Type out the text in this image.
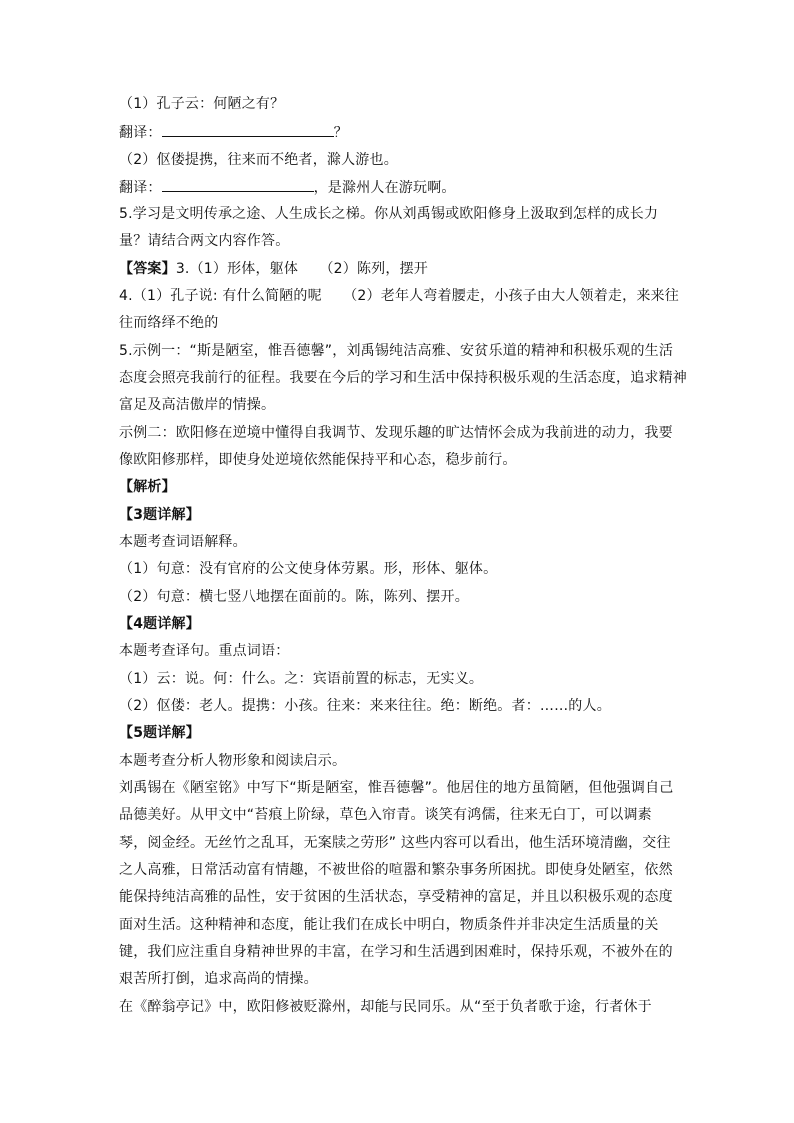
（1）孔子云：何陋之有？
翻译：	？
（2）伛偻提携，往来而不绝者，滁人游也。
翻译：	，是滁州人在游玩啊。
5.学习是文明传承之途、人生成长之梯。你从刘禹锡或欧阳修身上汲取到怎样的成长力
量？请结合两文内容作答。
【答案】3.（1）形体，躯体　　（2）陈列，摆开
4.（1）孔子说: 有什么简陋的呢　　（2）老年人弯着腰走，小孩子由大人领着走，来来往
往而络绎不绝的
5.示例一：“斯是陋室，惟吾德馨”，刘禹锡纯洁高雅、安贫乐道的精神和积极乐观的生活
态度会照亮我前行的征程。我要在今后的学习和生活中保持积极乐观的生活态度，追求精神
富足及高洁傲岸的情操。
示例二：欧阳修在逆境中懂得自我调节、发现乐趣的旷达情怀会成为我前进的动力，我要
像欧阳修那样，即使身处逆境依然能保持平和心态，稳步前行。
【解析】
【3题详解】
本题考查词语解释。
（1）句意：没有官府的公文使身体劳累。形，形体、躯体。
（2）句意：横七竖八地摆在面前的。陈，陈列、摆开。
【4题详解】
本题考查译句。重点词语：
（1）云：说。何：什么。之：宾语前置的标志，无实义。
（2）伛偻：老人。提携：小孩。往来：来来往往。绝：断绝。者：……的人。
【5题详解】
本题考查分析人物形象和阅读启示。
刘禹锡在《陋室铭》中写下“斯是陋室，惟吾德馨”。他居住的地方虽简陋，但他强调自己
品德美好。从甲文中“苔痕上阶绿，草色入帘青。谈笑有鸿儒，往来无白丁，可以调素
琴，阅金经。无丝竹之乱耳，无案牍之劳形” 这些内容可以看出，他生活环境清幽，交往
之人高雅，日常活动富有情趣，不被世俗的喧嚣和繁杂事务所困扰。即使身处陋室，依然
能保持纯洁高雅的品性，安于贫困的生活状态，享受精神的富足，并且以积极乐观的态度
面对生活。这种精神和态度，能让我们在成长中明白，物质条件并非决定生活质量的关
键，我们应注重自身精神世界的丰富，在学习和生活遇到困难时，保持乐观，不被外在的
艰苦所打倒，追求高尚的情操。
在《醉翁亭记》中，欧阳修被贬滁州，却能与民同乐。从“至于负者歌于途，行者休于
